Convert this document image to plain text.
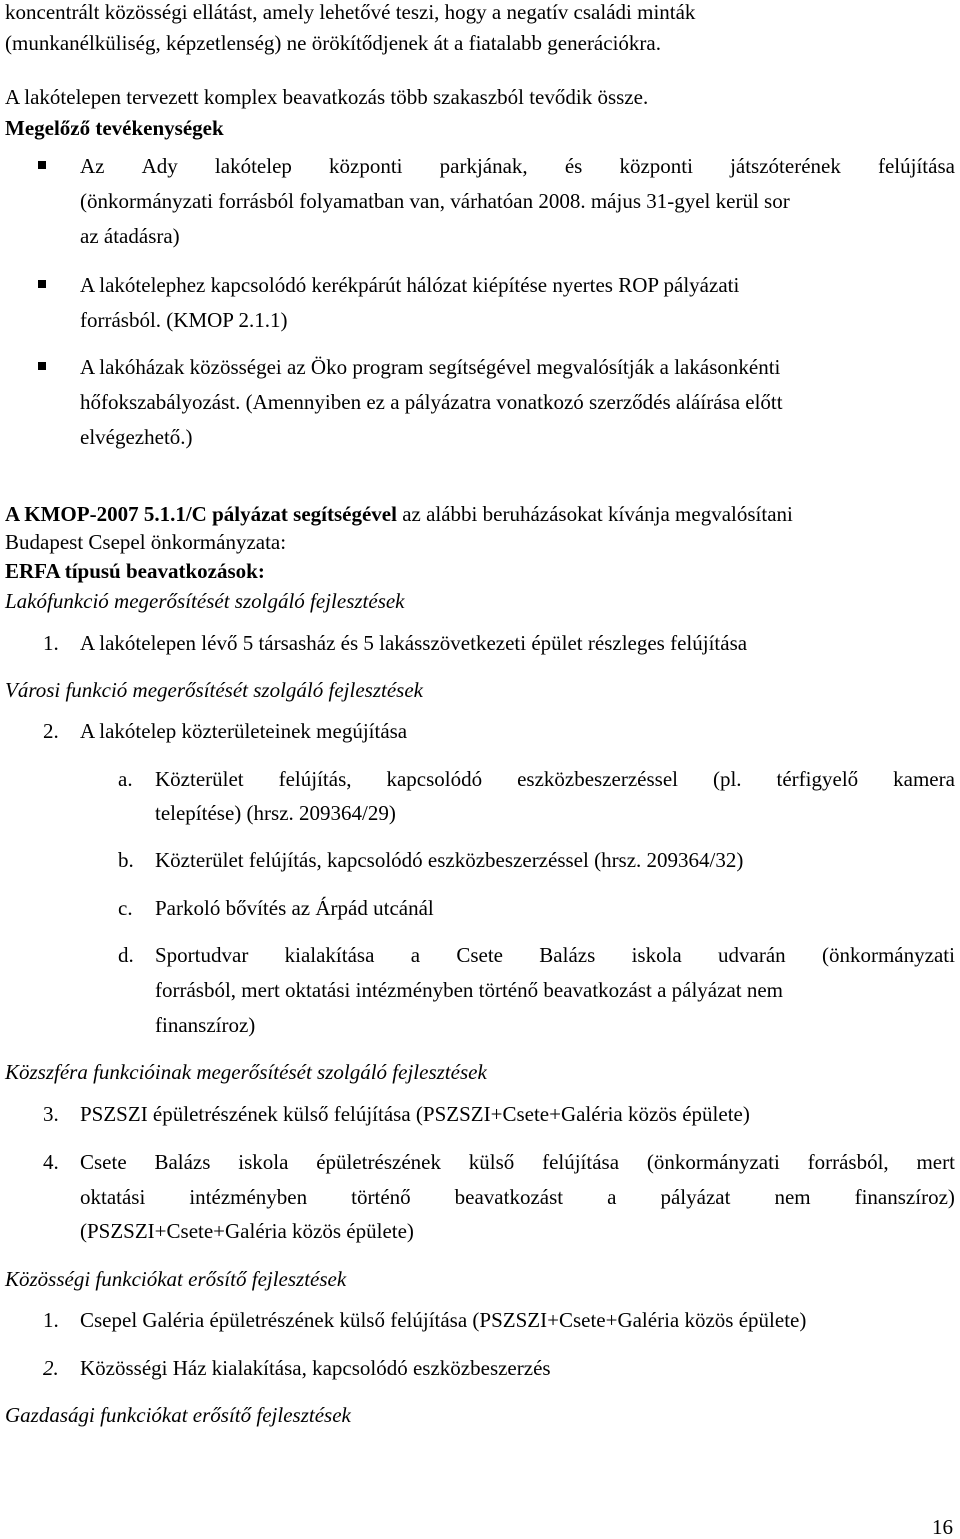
koncentrált közösségi ellátást, amely lehetővé teszi, hogy a negatív családi minták
(munkanélküliség, képzetlenség) ne örökítődjenek át a fiatalabb generációkra.
A lakótelepen tervezett komplex beavatkozás több szakaszból tevődik össze.
Megelőző tevékenységek
Az Ady lakótelep központi parkjának, és központi játszóterének felújítása
(önkormányzati forrásból folyamatban van, várhatóan 2008. május 31-gyel kerül sor
az átadásra)
A lakótelephez kapcsolódó kerékpárút hálózat kiépítése nyertes ROP pályázati
forrásból. (KMOP 2.1.1)
A lakóházak közösségei az Öko program segítségével megvalósítják a lakásonkénti
hőfokszabályozást. (Amennyiben ez a pályázatra vonatkozó szerződés aláírása előtt
elvégezhető.)
A KMOP-2007 5.1.1/C pályázat segítségével az alábbi beruházásokat kívánja megvalósítani
Budapest Csepel önkormányzata:
ERFA típusú beavatkozások:
Lakófunkció megerősítését szolgáló fejlesztések
1. A lakótelepen lévő 5 társasház és 5 lakásszövetkezeti épület részleges felújítása
Városi funkció megerősítését szolgáló fejlesztések
2. A lakótelep közterületeinek megújítása
a. Közterület felújítás, kapcsolódó eszközbeszerzéssel (pl. térfigyelő kamera
telepítése) (hrsz. 209364/29)
b. Közterület felújítás, kapcsolódó eszközbeszerzéssel (hrsz. 209364/32)
c. Parkoló bővítés az Árpád utcánál
d. Sportudvar kialakítása a Csete Balázs iskola udvarán (önkormányzati
forrásból, mert oktatási intézményben történő beavatkozást a pályázat nem
finanszíroz)
Közszféra funkcióinak megerősítését szolgáló fejlesztések
3. PSZSZI épületrészének külső felújítása (PSZSZI+Csete+Galéria közös épülete)
4. Csete Balázs iskola épületrészének külső felújítása (önkormányzati forrásból, mert
oktatási intézményben történő beavatkozást a pályázat nem finanszíroz)
(PSZSZI+Csete+Galéria közös épülete)
Közösségi funkciókat erősítő fejlesztések
1. Csepel Galéria épületrészének külső felújítása (PSZSZI+Csete+Galéria közös épülete)
2. Közösségi Ház kialakítása, kapcsolódó eszközbeszerzés
Gazdasági funkciókat erősítő fejlesztések
16
